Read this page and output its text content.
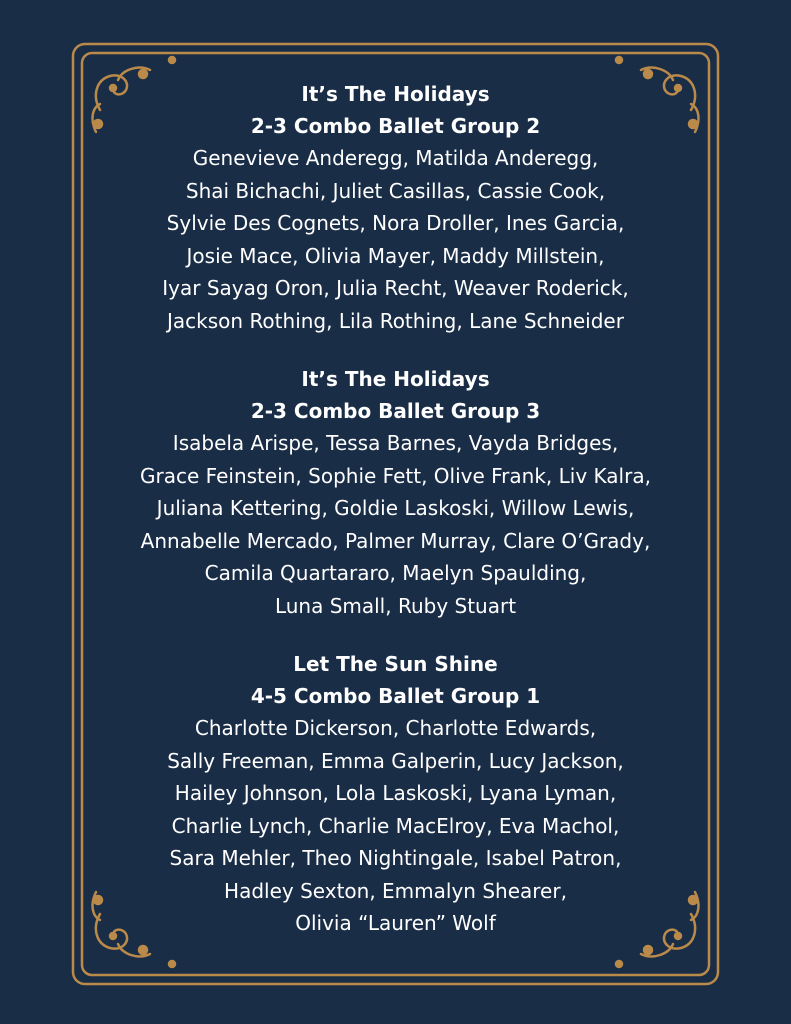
It’s The Holidays

2-3 Combo Ballet Group 2

Genevieve Anderegg, Matilda Anderegg,

Shai Bichachi, Juliet Casillas, Cassie Cook,

Sylvie Des Cognets, Nora Droller, Ines Garcia,

Josie Mace, Olivia Mayer, Maddy Millstein,

Iyar Sayag Oron, Julia Recht, Weaver Roderick,

Jackson Rothing, Lila Rothing, Lane Schneider

It’s The Holidays

2-3 Combo Ballet Group 3

Isabela Arispe, Tessa Barnes, Vayda Bridges,

Grace Feinstein, Sophie Fett, Olive Frank, Liv Kalra,

Juliana Kettering, Goldie Laskoski, Willow Lewis,

Annabelle Mercado, Palmer Murray, Clare O’Grady,

Camila Quartararo, Maelyn Spaulding,

Luna Small, Ruby Stuart

Let The Sun Shine

4-5 Combo Ballet Group 1

Charlotte Dickerson, Charlotte Edwards,

Sally Freeman, Emma Galperin, Lucy Jackson,

Hailey Johnson, Lola Laskoski, Lyana Lyman,

Charlie Lynch, Charlie MacElroy, Eva Machol,

Sara Mehler, Theo Nightingale, Isabel Patron,

Hadley Sexton, Emmalyn Shearer,

Olivia “Lauren” Wolf
